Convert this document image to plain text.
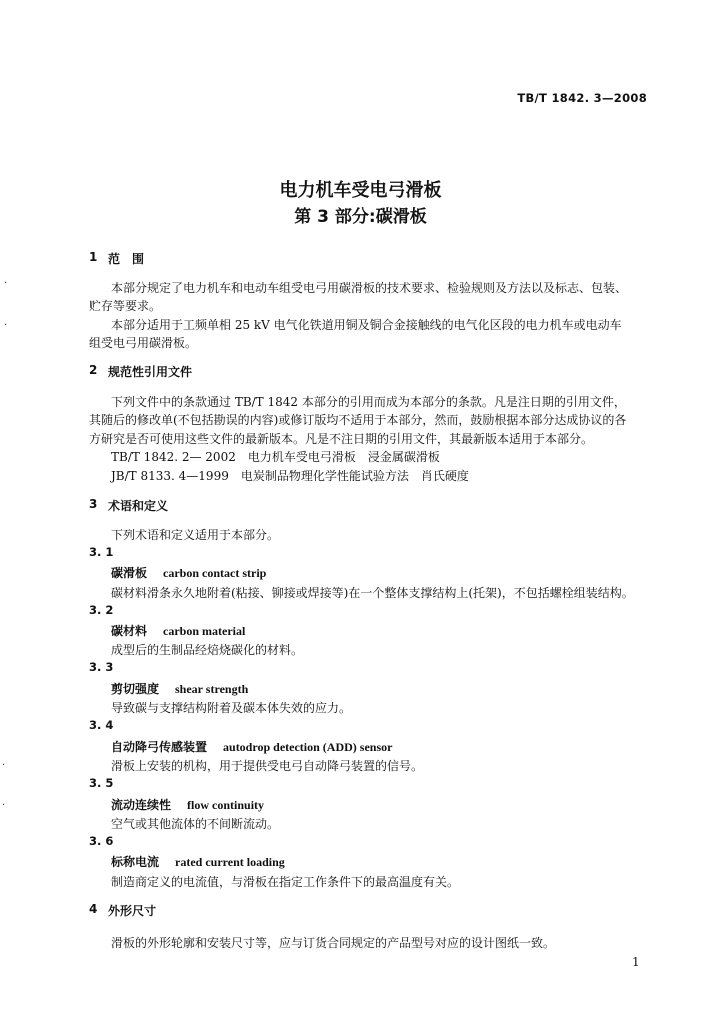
TB/T 1842. 3—2008
电力机车受电弓滑板
第 3 部分:碳滑板
1 范　围
本部分规定了电力机车和电动车组受电弓用碳滑板的技术要求、检验规则及方法以及标志、包装、
贮存等要求。
本部分适用于工频单相 25 kV 电气化铁道用铜及铜合金接触线的电气化区段的电力机车或电动车
组受电弓用碳滑板。
2 规范性引用文件
下列文件中的条款通过 TB/T 1842 本部分的引用而成为本部分的条款。凡是注日期的引用文件，
其随后的修改单(不包括勘误的内容)或修订版均不适用于本部分，然而，鼓励根据本部分达成协议的各
方研究是否可使用这些文件的最新版本。凡是不注日期的引用文件，其最新版本适用于本部分。
TB/T 1842. 2— 2002　电力机车受电弓滑板　浸金属碳滑板
JB/T 8133. 4—1999　电炭制品物理化学性能试验方法　肖氏硬度
3 术语和定义
下列术语和定义适用于本部分。
3. 1
碳滑板 carbon contact strip
碳材料滑条永久地附着(粘接、铆接或焊接等)在一个整体支撑结构上(托架)，不包括螺栓组装结构。
3. 2
碳材料 carbon material
成型后的生制品经焙烧碳化的材料。
3. 3
剪切强度 shear strength
导致碳与支撑结构附着及碳本体失效的应力。
3. 4
自动降弓传感装置 autodrop detection (ADD) sensor
滑板上安装的机构，用于提供受电弓自动降弓装置的信号。
3. 5
流动连续性 flow continuity
空气或其他流体的不间断流动。
3. 6
标称电流 rated current loading
制造商定义的电流值，与滑板在指定工作条件下的最高温度有关。
4 外形尺寸
滑板的外形轮廓和安装尺寸等，应与订货合同规定的产品型号对应的设计图纸一致。
1
·
·
·
·
